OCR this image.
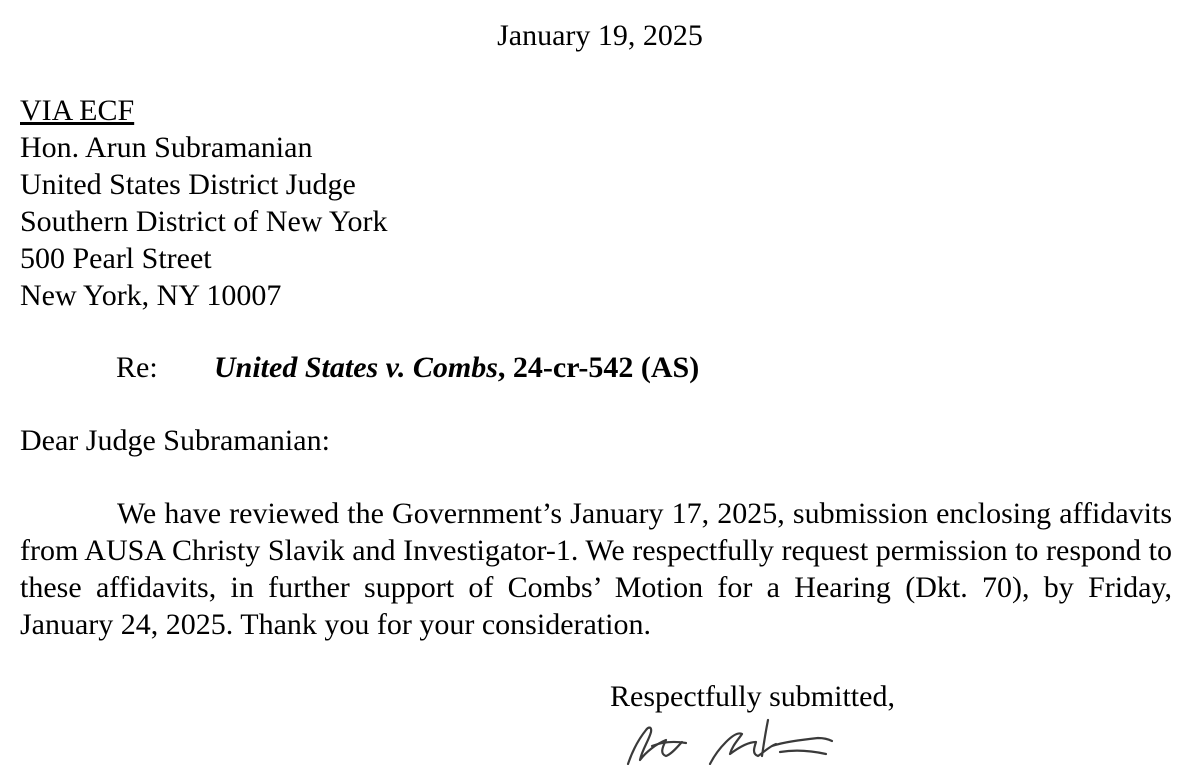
January 19, 2025
VIA ECF
Hon. Arun Subramanian
United States District Judge
Southern District of New York
500 Pearl Street
New York, NY 10007
Re: United States v. Combs, 24-cr-542 (AS)
Dear Judge Subramanian:
We have reviewed the Government’s January 17, 2025, submission enclosing affidavits from AUSA Christy Slavik and Investigator-1. We respectfully request permission to respond to these affidavits, in further support of Combs’ Motion for a Hearing (Dkt. 70), by Friday, January 24, 2025. Thank you for your consideration.
Respectfully submitted,
